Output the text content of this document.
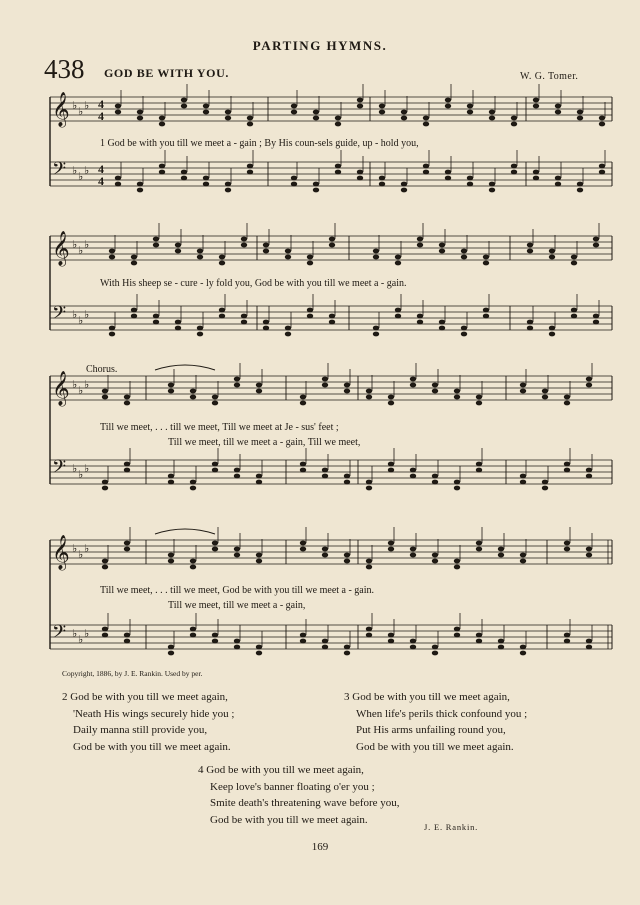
PARTING HYMNS.
438 GOD BE WITH YOU.	W. G. Tomer.
𝄞 ♭ ♭ ♭
𝄢 ♭ ♭ ♭
𝄞 ♭ ♭ ♭
𝄢 ♭ ♭ ♭
𝄞 ♭ ♭ ♭
𝄢 ♭ ♭ ♭
𝄞 ♭ ♭ ♭
𝄢 ♭ ♭ ♭
4
4
4
4
1 God be with you till we meet a - gain ; By His coun-sels guide, up - hold you,
With His sheep se - cure - ly fold you, God be with you till we meet a - gain.
Chorus.
Till we meet, . . . till we meet, Till we meet at Je - sus' feet ;
Till we meet, till we meet a - gain, Till we meet,
Till we meet, . . . till we meet, God be with you till we meet a - gain.
Till we meet, till we meet a - gain,
Copyright, 1886, by J. E. Rankin. Used by per.
2 God be with you till we meet again,
'Neath His wings securely hide you ;
Daily manna still provide you,
God be with you till we meet again.
3 God be with you till we meet again,
When life's perils thick confound you ;
Put His arms unfailing round you,
God be with you till we meet again.
4 God be with you till we meet again,
Keep love's banner floating o'er you ;
Smite death's threatening wave before you,
God be with you till we meet again.
J. E. Rankin.
169
